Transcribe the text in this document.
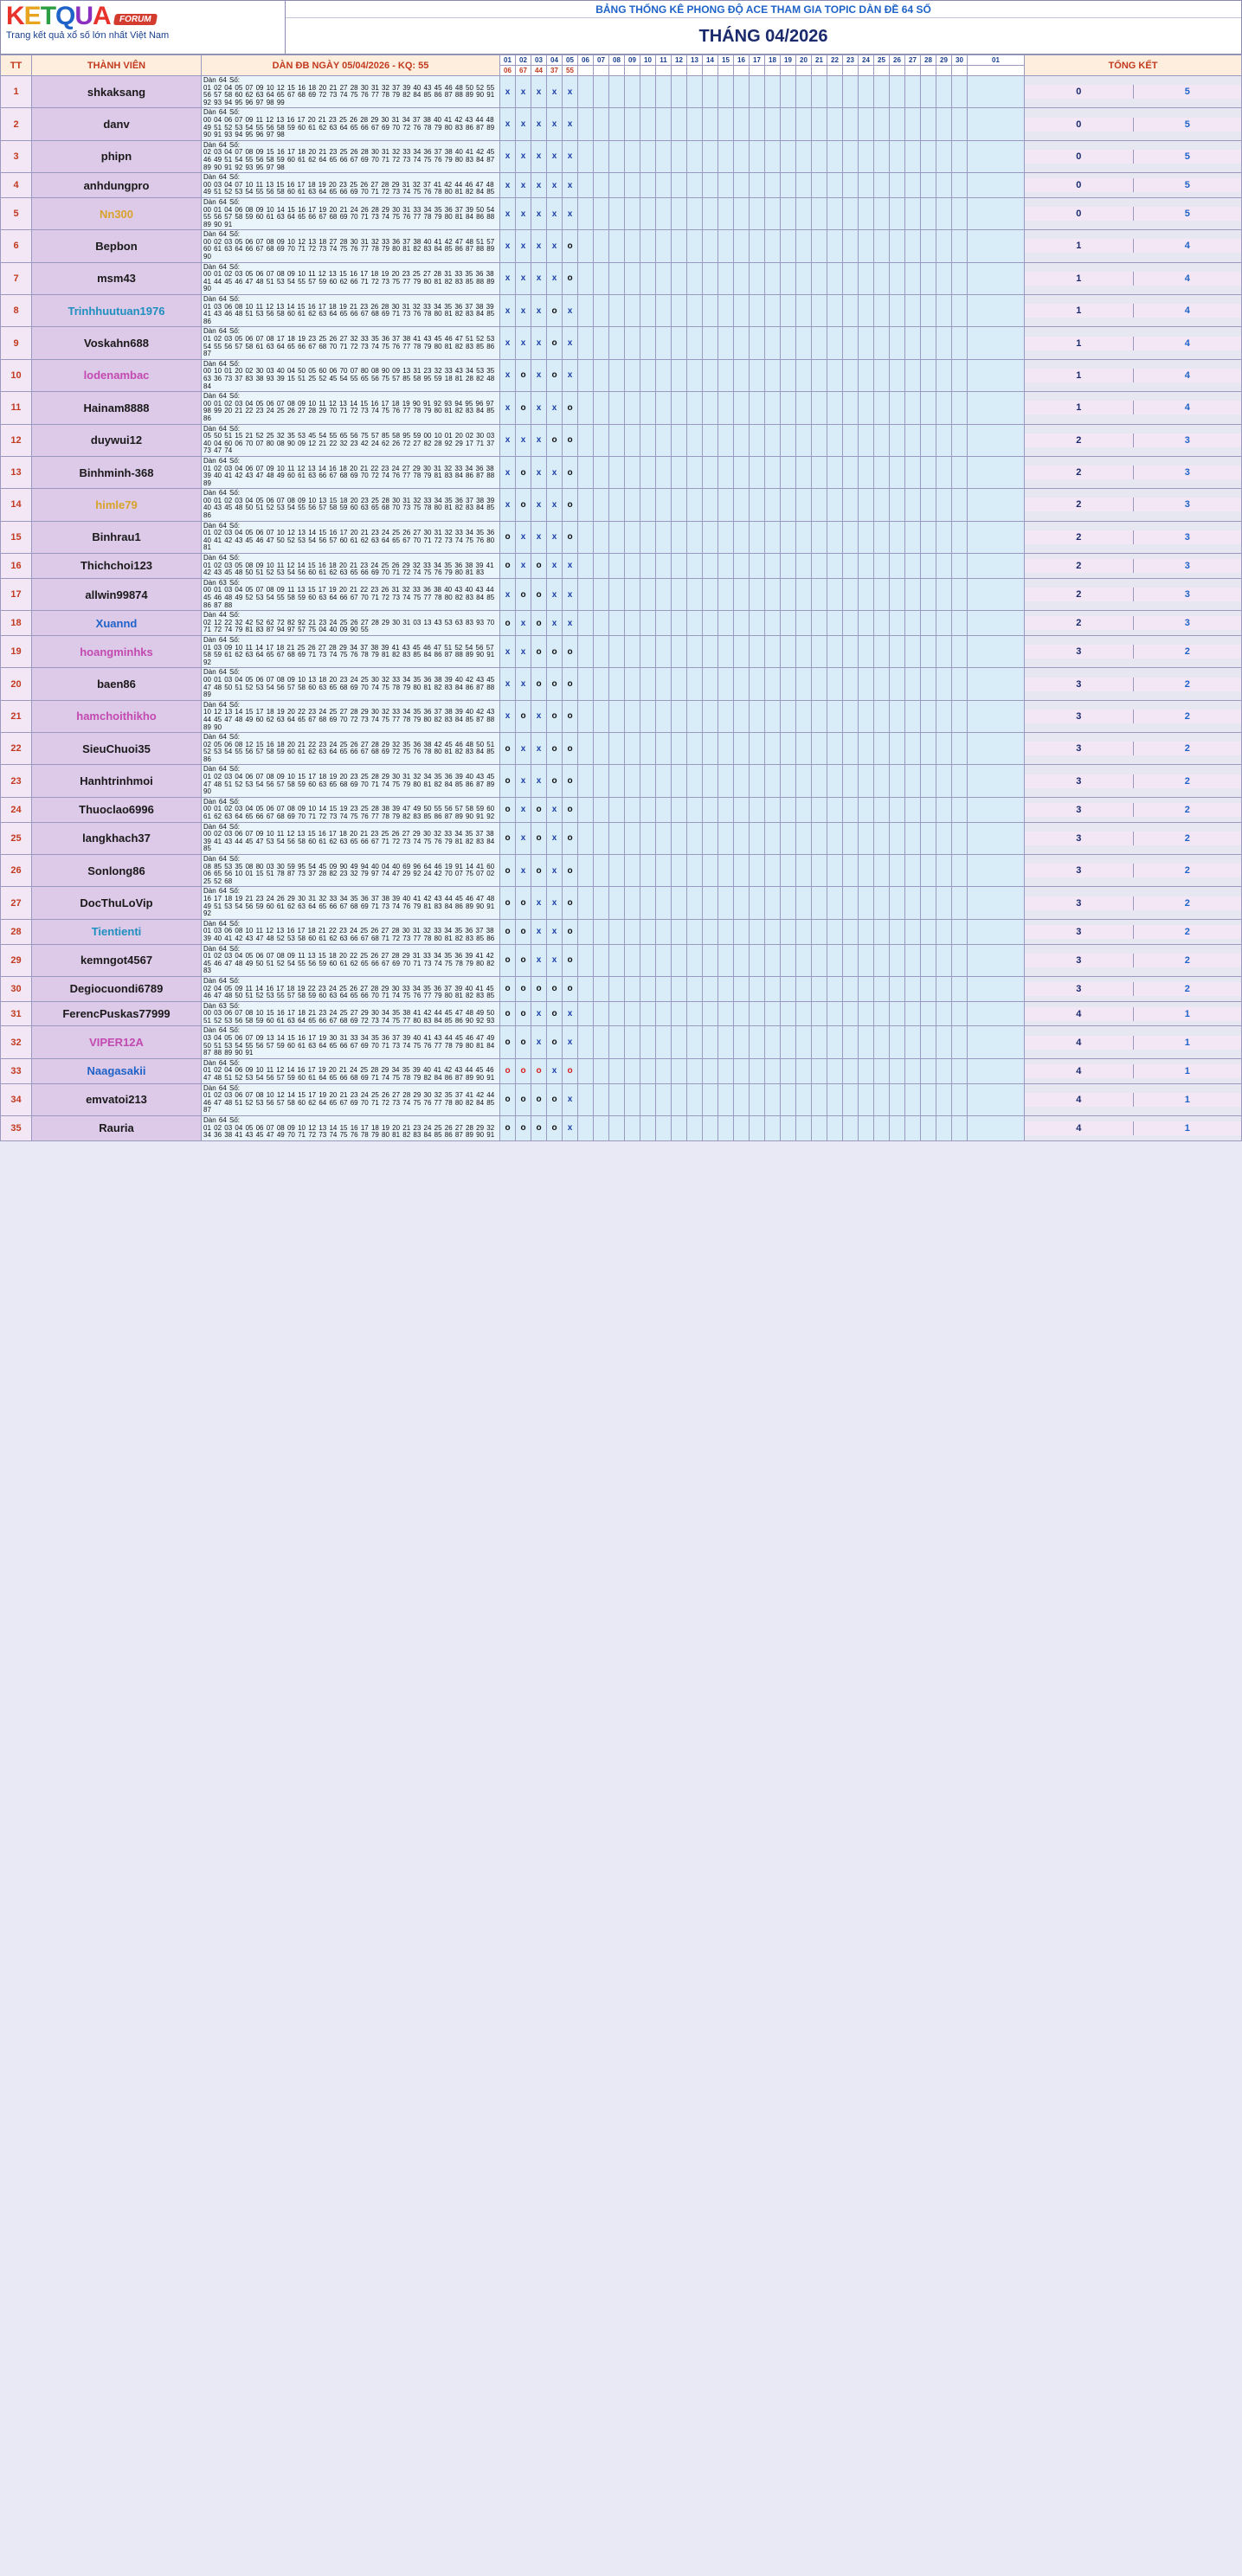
KETQUA FORUM
Trang kết quả xổ số lớn nhất Việt Nam
BẢNG THỐNG KÊ PHONG ĐỘ ACE THAM GIA TOPIC DÀN ĐỀ 64 SỐ
THÁNG 04/2026
TT	THÀNH VIÊN	DÀN ĐB NGÀY 05/04/2026 - KQ: 55	01	02	03	04	05	06	07	08	09	10	11	12	13	14	15	16	17	18	19	20	21	22	23	24	25	26	27	28	29	30	01	TỔNG KẾT
			06	67	44	37	55																											
1	shkaksang	
Dàn 64 Số:
01 02 04 05 07 09 10 12 15 16 18 20 21 27 28 30 31 32 37 39 40 43 45 46 48 50 52 55 56 57 58 60 62 63 64 65 67 68 69 72 73 74 75 76 77 78 79 82 84 85 86 87 88 89 90 91 92 93 94 95 96 97 98 99	x	x	x	x	x																											0	5

2	danv	
Dàn 64 Số:
00 04 06 07 09 11 12 13 16 17 20 21 23 25 26 28 29 30 31 34 37 38 40 41 42 43 44 48 49 51 52 53 54 55 56 58 59 60 61 62 63 64 65 66 67 69 70 72 76 78 79 80 83 86 87 89 90 91 93 94 95 96 97 98	x	x	x	x	x																											0	5

3	phipn	
Dàn 64 Số:
02 03 04 07 08 09 15 16 17 18 20 21 23 25 26 28 30 31 32 33 34 36 37 38 40 41 42 45 46 49 51 54 55 56 58 59 60 61 62 64 65 66 67 69 70 71 72 73 74 75 76 79 80 83 84 87 89 90 91 92 93 95 97 98	x	x	x	x	x																											0	5

4	anhdungpro	
Dàn 64 Số:
00 03 04 07 10 11 13 15 16 17 18 19 20 23 25 26 27 28 29 31 32 37 41 42 44 46 47 48 49 51 52 53 54 55 56 58 60 61 63 64 65 66 69 70 71 72 73 74 75 76 78 80 81 82 84 85	x	x	x	x	x																											0	5

5	Nn300	
Dàn 64 Số:
00 01 04 06 08 09 10 14 15 16 17 19 20 21 24 26 28 29 30 31 33 34 35 36 37 39 50 54 55 56 57 58 59 60 61 63 64 65 66 67 68 69 70 71 73 74 75 76 77 78 79 80 81 84 86 88 89 90 91	x	x	x	x	x																											0	5

6	Bepbon	
Dàn 64 Số:
00 02 03 05 06 07 08 09 10 12 13 18 27 28 30 31 32 33 36 37 38 40 41 42 47 48 51 57 60 61 63 64 66 67 68 69 70 71 72 73 74 75 76 77 78 79 80 81 82 83 84 85 86 87 88 89 90	x	x	x	x	o																											1	4

7	msm43	
Dàn 64 Số:
00 01 02 03 05 06 07 08 09 10 11 12 13 15 16 17 18 19 20 23 25 27 28 31 33 35 36 38 41 44 45 46 47 48 51 53 54 55 57 59 60 62 66 71 72 73 75 77 79 80 81 82 83 85 88 89 90	x	x	x	x	o																											1	4

8	Trinhhuutuan1976	
Dàn 64 Số:
01 03 06 08 10 11 12 13 14 15 16 17 18 19 21 23 26 28 30 31 32 33 34 35 36 37 38 39 41 43 46 48 51 53 56 58 60 61 62 63 64 65 66 67 68 69 71 73 76 78 80 81 82 83 84 85 86	x	x	x	o	x																											1	4

9	Voskahn688	
Dàn 64 Số:
01 02 03 05 06 07 08 17 18 19 23 25 26 27 32 33 35 36 37 38 41 43 45 46 47 51 52 53 54 55 56 57 58 61 63 64 65 66 67 68 70 71 72 73 74 75 76 77 78 79 80 81 82 83 85 86 87	x	x	x	o	x																											1	4

10	lodenambac	
Dàn 64 Số:
00 10 01 20 02 30 03 40 04 50 05 60 06 70 07 80 08 90 09 13 31 23 32 33 43 34 53 35 63 36 73 37 83 38 93 39 15 51 25 52 45 54 55 65 56 75 57 85 58 95 59 18 81 28 82 48 84	x	o	x	o	x																											1	4

11	Hainam8888	
Dàn 64 Số:
00 01 02 03 04 05 06 07 08 09 10 11 12 13 14 15 16 17 18 19 90 91 92 93 94 95 96 97 98 99 20 21 22 23 24 25 26 27 28 29 70 71 72 73 74 75 76 77 78 79 80 81 82 83 84 85 86	x	o	x	x	o																											1	4

12	duywui12	
Dàn 64 Số:
05 50 51 15 21 52 25 32 35 53 45 54 55 65 56 75 57 85 58 95 59 00 10 01 20 02 30 03 40 04 60 06 70 07 80 08 90 09 12 21 22 32 23 42 24 62 26 72 27 82 28 92 29 17 71 37 73 47 74	x	x	x	o	o																											2	3

13	Binhminh-368	
Dàn 64 Số:
01 02 03 04 06 07 09 10 11 12 13 14 16 18 20 21 22 23 24 27 29 30 31 32 33 34 36 38 39 40 41 42 43 47 48 49 60 61 63 66 67 68 69 70 72 74 76 77 78 79 81 83 84 86 87 88 89	x	o	x	x	o																											2	3

14	himle79	
Dàn 64 Số:
00 01 02 03 04 05 06 07 08 09 10 13 15 18 20 23 25 28 30 31 32 33 34 35 36 37 38 39 40 43 45 48 50 51 52 53 54 55 56 57 58 59 60 63 65 68 70 73 75 78 80 81 82 83 84 85 86	x	o	x	x	o																											2	3

15	Binhrau1	
Dàn 64 Số:
01 02 03 04 05 06 07 10 12 13 14 15 16 17 20 21 23 24 25 26 27 30 31 32 33 34 35 36 40 41 42 43 45 46 47 50 52 53 54 56 57 60 61 62 63 64 65 67 70 71 72 73 74 75 76 80 81	o	x	x	x	o																											2	3

16	Thichchoi123	
Dàn 64 Số:
01 02 03 05 08 09 10 11 12 14 15 16 18 20 21 23 24 25 26 29 32 33 34 35 36 38 39 41 42 43 45 48 50 51 52 53 54 56 60 61 62 63 65 66 69 70 71 72 74 75 76 79 80 81 83	o	x	o	x	x																											2	3

17	allwin99874	
Dàn 63 Số:
00 01 03 04 05 07 08 09 11 13 15 17 19 20 21 22 23 26 31 32 33 36 38 40 43 40 43 44 45 46 48 49 52 53 54 55 58 59 60 63 64 66 67 70 71 72 73 74 75 77 78 80 82 83 84 85 86 87 88	x	o	o	x	x																											2	3

18	Xuannd	
Dàn 44 Số:
02 12 22 32 42 52 62 72 82 92 21 23 24 25 26 27 28 29 30 31 03 13 43 53 63 83 93 70 71 72 74 79 81 83 87 94 97 57 75 04 40 09 90 55	o	x	o	x	x																											2	3

19	hoangminhks	
Dàn 64 Số:
01 03 09 10 11 14 17 18 21 25 26 27 28 29 34 37 38 39 41 43 45 46 47 51 52 54 56 57 58 59 61 62 63 64 65 67 68 69 71 73 74 75 76 78 79 81 82 83 85 84 86 87 88 89 90 91 92	x	x	o	o	o																											3	2

20	baen86	
Dàn 64 Số:
00 01 03 04 05 06 07 08 09 10 13 18 20 23 24 25 30 32 33 34 35 36 38 39 40 42 43 45 47 48 50 51 52 53 54 56 57 58 60 63 65 68 69 70 74 75 78 79 80 81 82 83 84 86 87 88 89	x	x	o	o	o																											3	2

21	hamchoithikho	
Dàn 64 Số:
10 12 13 14 15 17 18 19 20 22 23 24 25 27 28 29 30 32 33 34 35 36 37 38 39 40 42 43 44 45 47 48 49 60 62 63 64 65 67 68 69 70 72 73 74 75 77 78 79 80 82 83 84 85 87 88 89 90	x	o	x	o	o																											3	2

22	SieuChuoi35	
Dàn 64 Số:
02 05 06 08 12 15 16 18 20 21 22 23 24 25 26 27 28 29 32 35 36 38 42 45 46 48 50 51 52 53 54 55 56 57 58 59 60 61 62 63 64 65 66 67 68 69 72 75 76 78 80 81 82 83 84 85 86	o	x	x	o	o																											3	2

23	Hanhtrinhmoi	
Dàn 64 Số:
01 02 03 04 06 07 08 09 10 15 17 18 19 20 23 25 28 29 30 31 32 34 35 36 39 40 43 45 47 48 51 52 53 54 56 57 58 59 60 63 65 68 69 70 71 74 75 79 80 81 82 84 85 86 87 89 90	o	x	x	o	o																											3	2

24	Thuoclao6996	
Dàn 64 Số:
00 01 02 03 04 05 06 07 08 09 10 14 15 19 23 25 28 38 39 47 49 50 55 56 57 58 59 60 61 62 63 64 65 66 67 68 69 70 71 72 73 74 75 76 77 78 79 82 83 85 86 87 89 90 91 92	o	x	o	x	o																											3	2

25	langkhach37	
Dàn 64 Số:
00 02 03 06 07 09 10 11 12 13 15 16 17 18 20 21 23 25 26 27 29 30 32 33 34 35 37 38 39 41 43 44 45 47 53 54 56 58 60 61 62 63 65 66 67 71 72 73 74 75 76 79 81 82 83 84 85	o	x	o	x	o																											3	2

26	Sonlong86	
Dàn 64 Số:
08 85 53 35 08 80 03 30 59 95 54 45 09 90 49 94 40 04 40 69 96 64 46 19 91 14 41 60 06 65 56 10 01 15 51 78 87 73 37 28 82 23 32 79 97 74 47 29 92 24 42 70 07 75 07 02 25 52 68	o	x	o	x	o																											3	2

27	DocThuLoVip	
Dàn 64 Số:
16 17 18 19 21 23 24 26 29 30 31 32 33 34 35 36 37 38 39 40 41 42 43 44 45 46 47 48 49 51 53 54 56 59 60 61 62 63 64 65 66 67 68 69 71 73 74 76 79 81 83 84 86 89 90 91 92	o	o	x	x	o																											3	2

28	Tientienti	
Dàn 64 Số:
01 03 06 08 10 11 12 13 16 17 18 21 22 23 24 25 26 27 28 30 31 32 33 34 35 36 37 38 39 40 41 42 43 47 48 52 53 58 60 61 62 63 66 67 68 71 72 73 77 78 80 81 82 83 85 86	o	o	x	x	o																											3	2

29	kemngot4567	
Dàn 64 Số:
01 02 03 04 05 06 07 08 09 11 13 15 18 20 22 25 26 27 28 29 31 33 34 35 36 39 41 42 45 46 47 48 49 50 51 52 54 55 56 59 60 61 62 65 66 67 69 70 71 73 74 75 78 79 80 82 83	o	o	x	x	o																											3	2

30	Degiocuondi6789	
Dàn 64 Số:
02 04 05 09 11 14 16 17 18 19 22 23 24 25 26 27 28 29 30 33 34 35 36 37 39 40 41 45 46 47 48 50 51 52 53 55 57 58 59 60 63 64 65 66 70 71 74 75 76 77 79 80 81 82 83 85	o	o	o	o	o																											3	2

31	FerencPuskas77999	
Dàn 63 Số:
00 03 06 07 08 10 15 16 17 18 21 23 24 25 27 29 30 34 35 38 41 42 44 45 47 48 49 50 51 52 53 56 58 59 60 61 63 64 65 66 67 68 69 72 73 74 75 77 80 83 84 85 86 90 92 93	o	o	x	o	x																											4	1

32	VIPER12A	
Dàn 64 Số:
03 04 05 06 07 09 13 14 15 16 17 19 30 31 33 34 35 36 37 39 40 41 43 44 45 46 47 49 50 51 53 54 55 56 57 59 60 61 63 64 65 66 67 69 70 71 73 74 75 76 77 78 79 80 81 84 87 88 89 90 91	o	o	x	o	x																											4	1

33	Naagasakii	
Dàn 64 Số:
01 02 04 06 09 10 11 12 14 16 17 19 20 21 24 25 28 29 34 35 39 40 41 42 43 44 45 46 47 48 51 52 53 54 56 57 59 60 61 64 65 66 68 69 71 74 75 78 79 82 84 86 87 89 90 91	o	o	o	x	o																											4	1

34	emvatoi213	
Dàn 64 Số:
01 02 03 06 07 08 10 12 14 15 17 19 20 21 23 24 25 26 27 28 29 30 32 35 37 41 42 44 46 47 48 51 52 53 56 57 58 60 62 64 65 67 69 70 71 72 73 74 75 76 77 78 80 82 84 85 87	o	o	o	o	x																											4	1

35	Rauria	
Dàn 64 Số:
01 02 03 04 05 06 07 08 09 10 12 13 14 15 16 17 18 19 20 21 23 24 25 26 27 28 29 32 34 36 38 41 43 45 47 49 70 71 72 73 74 75 76 78 79 80 81 82 83 84 85 86 87 89 90 91	o	o	o	o	x																											4	1
